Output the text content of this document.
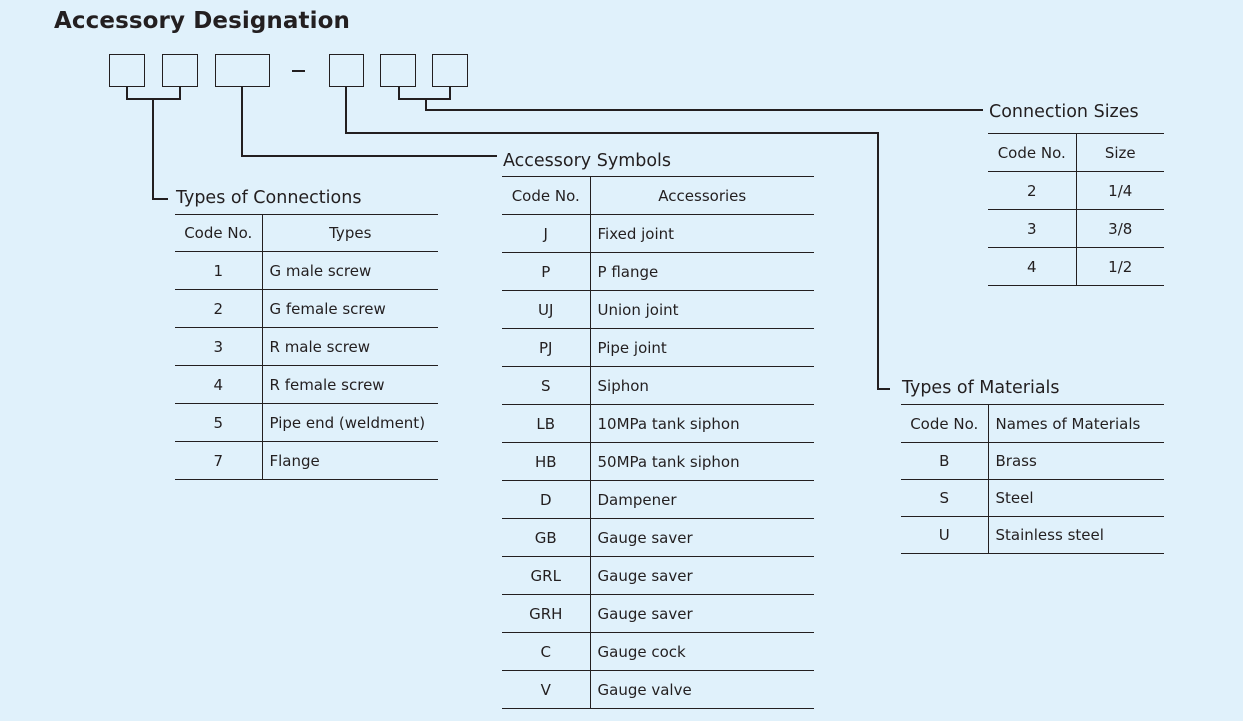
Accessory Designation
Types of Connections
Code No.	Types
1	G male screw
2	G female screw
3	R male screw
4	R female screw
5	Pipe end (weldment)
7	Flange
Accessory Symbols
Code No.	Accessories
J	Fixed joint
P	P flange
UJ	Union joint
PJ	Pipe joint
S	Siphon
LB	10MPa tank siphon
HB	50MPa tank siphon
D	Dampener
GB	Gauge saver
GRL	Gauge saver
GRH	Gauge saver
C	Gauge cock
V	Gauge valve
Connection Sizes
Code No.	Size
2	1/4
3	3/8
4	1/2
Types of Materials
Code No.	Names of Materials
B	Brass
S	Steel
U	Stainless steel
